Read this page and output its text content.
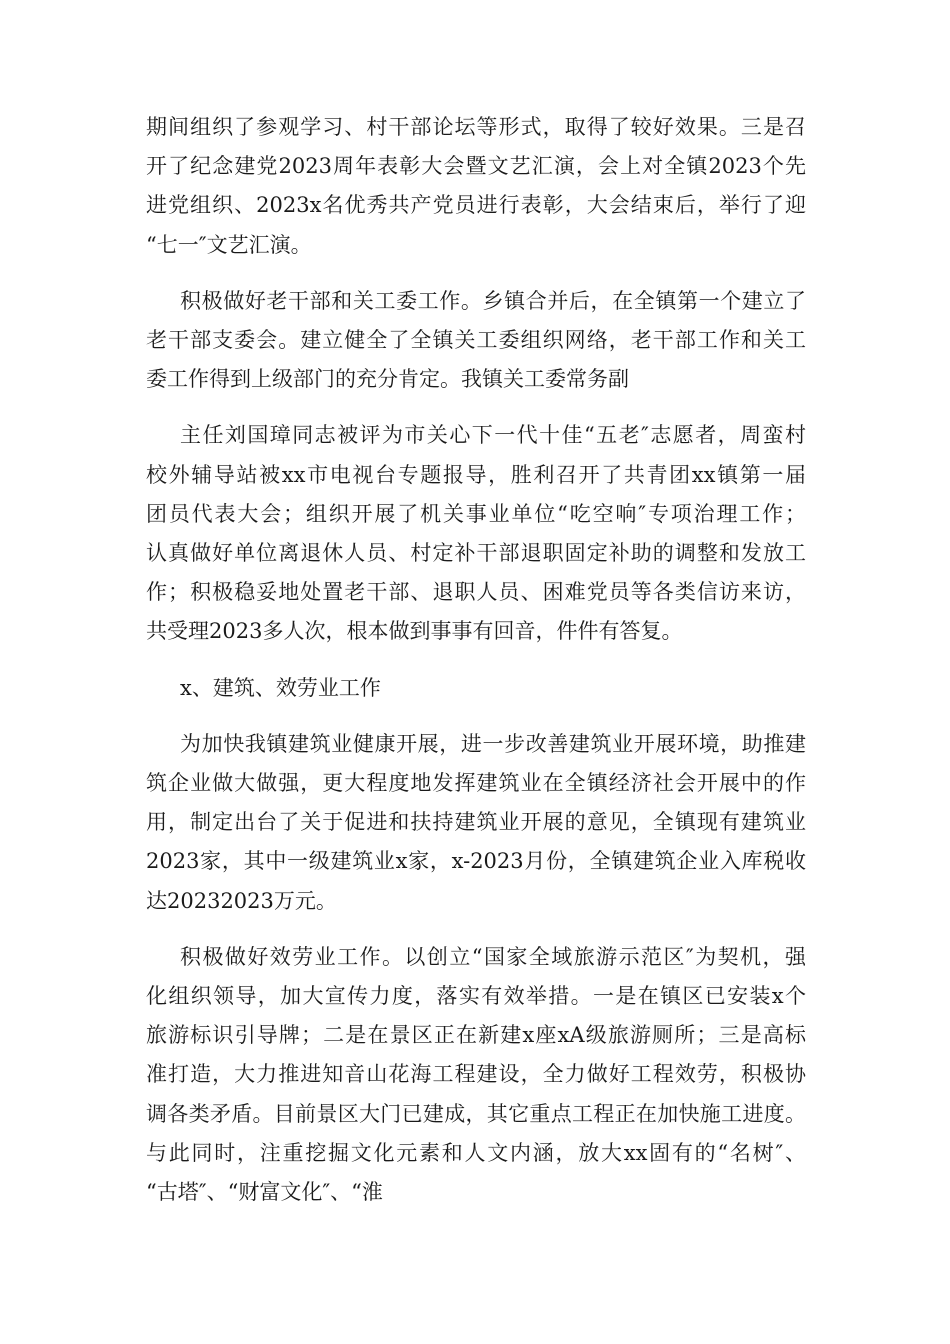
期间组织了参观学习、村干部论坛等形式，取得了较好效果。三是召
开了纪念建党2023周年表彰大会暨文艺汇演，会上对全镇2023个先
进党组织、2023x名优秀共产党员进行表彰，大会结束后，举行了迎
“七一″文艺汇演。

积极做好老干部和关工委工作。乡镇合并后，在全镇第一个建立了
老干部支委会。建立健全了全镇关工委组织网络，老干部工作和关工
委工作得到上级部门的充分肯定。我镇关工委常务副

主任刘国璋同志被评为市关心下一代十佳“五老″志愿者，周蛮村
校外辅导站被xx市电视台专题报导，胜利召开了共青团xx镇第一届
团员代表大会；组织开展了机关事业单位“吃空响″专项治理工作；
认真做好单位离退休人员、村定补干部退职固定补助的调整和发放工
作；积极稳妥地处置老干部、退职人员、困难党员等各类信访来访，
共受理2023多人次，根本做到事事有回音，件件有答复。

x、建筑、效劳业工作

为加快我镇建筑业健康开展，进一步改善建筑业开展环境，助推建
筑企业做大做强，更大程度地发挥建筑业在全镇经济社会开展中的作
用，制定出台了关于促进和扶持建筑业开展的意见，全镇现有建筑业
2023家，其中一级建筑业x家，x-2023月份，全镇建筑企业入库税收
达20232023万元。

积极做好效劳业工作。以创立“国家全域旅游示范区″为契机，强
化组织领导，加大宣传力度，落实有效举措。一是在镇区已安装x个
旅游标识引导牌；二是在景区正在新建x座xA级旅游厕所；三是高标
准打造，大力推进知音山花海工程建设，全力做好工程效劳，积极协
调各类矛盾。目前景区大门已建成，其它重点工程正在加快施工进度。
与此同时，注重挖掘文化元素和人文内涵，放大xx固有的“名树″、
“古塔″、“财富文化″、“淮
